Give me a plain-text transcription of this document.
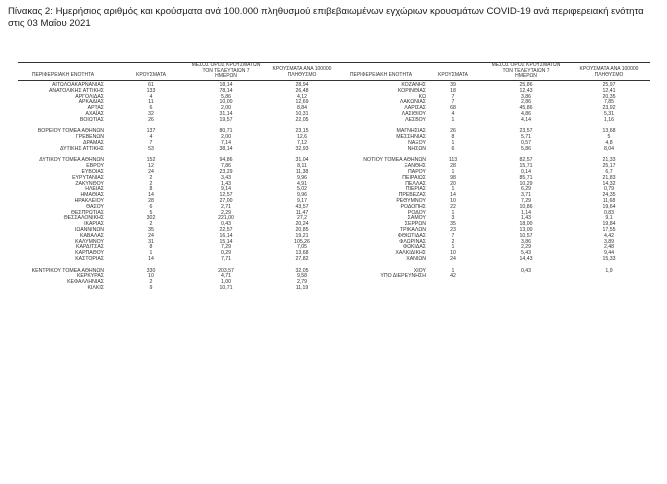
Πίνακας 2: Ημερήσιος αριθμός και κρούσματα ανά 100.000 πληθυσμού επιβεβαιωμένων εγχώριων κρουσμάτων COVID-19 ανά περιφερειακή ενότητα στις 03 Μαΐου 2021
ΠΕΡΙΦΕΡΕΙΑΚΗ ΕΝΟΤΗΤΑ	ΚΡΟΥΣΜΑΤΑ
ΜΕΣΟΣ ΟΡΟΣ ΚΡΟΥΣΜΑΤΩΝ
ΤΟΝ ΤΕΛΕΥΤΑΙΩΝ 7
ΗΜΕΡΩΝ
ΚΡΟΥΣΜΑΤΑ ΑΝΑ 100000
ΠΛΗΘΥΣΜΟ	ΠΕΡΙΦΕΡΕΙΑΚΗ ΕΝΟΤΗΤΑ	ΚΡΟΥΣΜΑΤΑ
ΜΕΣΟΣ ΟΡΟΣ ΚΡΟΥΣΜΑΤΩΝ
ΤΟΝ ΤΕΛΕΥΤΑΙΩΝ 7
ΗΜΕΡΩΝ
ΚΡΟΥΣΜΑΤΑ ΑΝΑ 100000
ΠΛΗΘΥΣΜΟ
ΑΙΤΩΛΟΑΚΑΡΝΑΝΙΑΣ	61	18,14	28,94
ΑΝΑΤΟΛΙΚΗΣ ΑΤΤΙΚΗΣ	133	78,14	26,48
ΑΡΓΟΛΙΔΑΣ	4	5,86	4,12
ΑΡΚΑΔΙΑΣ	11	10,00	12,69
ΑΡΤΑΣ	6	2,00	8,84
ΑΧΑΪΑΣ	32	31,14	10,31
ΒΟΙΩΤΙΑΣ	26	19,57	22,05
ΒΟΡΕΙΟΥ ΤΟΜΕΑ ΑΘΗΝΩΝ	137	80,71	23,15
ΓΡΕΒΕΝΩΝ	4	2,00	12,6
ΔΡΑΜΑΣ	7	7,14	7,12
ΔΥΤΙΚΗΣ ΑΤΤΙΚΗΣ	53	38,14	32,93
ΔΥΤΙΚΟΥ ΤΟΜΕΑ ΑΘΗΝΩΝ	152	94,86	31,04
ΕΒΡΟΥ	12	7,86	8,11
ΕΥΒΟΙΑΣ	24	23,29	11,38
ΕΥΡΥΤΑΝΙΑΣ	2	3,43	9,96
ΖΑΚΥΝΘΟΥ	2	1,43	4,91
ΗΛΕΙΑΣ	8	9,14	5,02
ΗΜΑΘΙΑΣ	14	12,57	9,96
ΗΡΑΚΛΕΙΟΥ	28	27,00	9,17
ΘΑΣΟΥ	6	2,71	43,57
ΘΕΣΠΡΩΤΙΑΣ	5	2,29	11,47
ΘΕΣΣΑΛΟΝΙΚΗΣ	302	221,00	27,2
ΙΚΑΡΙΑΣ	2	0,43	20,24
ΙΩΑΝΝΙΝΩΝ	35	22,57	20,85
ΚΑΒΑΛΑΣ	24	16,14	19,21
ΚΑΛΥΜΝΟΥ	31	15,14	105,26
ΚΑΡΔΙΤΣΑΣ	8	7,29	7,05
ΚΑΡΠΑΘΟΥ	1	0,29	13,68
ΚΑΣΤΟΡΙΑΣ	14	7,71	27,82
ΚΕΝΤΡΙΚΟΥ ΤΟΜΕΑ ΑΘΗΝΩΝ	330	203,57	32,05
ΚΕΡΚΥΡΑΣ	10	4,71	9,58
ΚΕΦΑΛΛΗΝΙΑΣ	2	1,00	2,79
ΚΙΛΚΙΣ	9	10,71	11,19
ΚΟΖΑΝΗΣ	39	25,86	25,97
ΚΟΡΙΝΘΙΑΣ	18	12,43	12,41
ΚΩ	7	3,86	20,35
ΛΑΚΩΝΙΑΣ	7	2,86	7,85
ΛΑΡΙΣΑΣ	68	45,86	23,92
ΛΑΣΙΘΙΟΥ	4	4,86	5,31
ΛΕΣΒΟΥ	1	4,14	1,16
ΜΑΓΝΗΣΙΑΣ	26	23,57	13,68
ΜΕΣΣΗΝΙΑΣ	8	5,71	5
ΝΑΞΟΥ	1	0,57	4,8
ΝΗΣΩΝ	6	5,86	8,04
ΝΟΤΙΟΥ ΤΟΜΕΑ ΑΘΗΝΩΝ	113	82,57	21,33
ΞΑΝΘΗΣ	28	15,71	25,17
ΠΑΡΟΥ	1	0,14	6,7
ΠΕΙΡΑΙΩΣ	98	85,71	21,83
ΠΕΛΛΑΣ	20	10,29	14,32
ΠΙΕΡΙΑΣ	1	6,29	0,79
ΠΡΕΒΕΖΑΣ	14	3,71	24,35
ΡΕΘΥΜΝΟΥ	10	7,29	11,68
ΡΟΔΟΠΗΣ	22	10,86	19,64
ΡΟΔΟΥ	1	1,14	0,83
ΣΑΜΟΥ	3	1,43	9,1
ΣΕΡΡΩΝ	35	18,00	19,84
ΤΡΙΚΑΛΩΝ	23	13,00	17,55
ΦΘΙΩΤΙΔΑΣ	7	10,57	4,42
ΦΛΩΡΙΝΑΣ	2	3,86	3,89
ΦΩΚΙΔΑΣ	1	2,29	2,48
ΧΑΛΚΙΔΙΚΗΣ	10	5,43	9,44
ΧΑΝΙΩΝ	24	14,43	15,33
ΧΙΟΥ	1	0,43	1,9
ΥΠΟ ΔΙΕΡΕΥΝΗΣΗ	42
